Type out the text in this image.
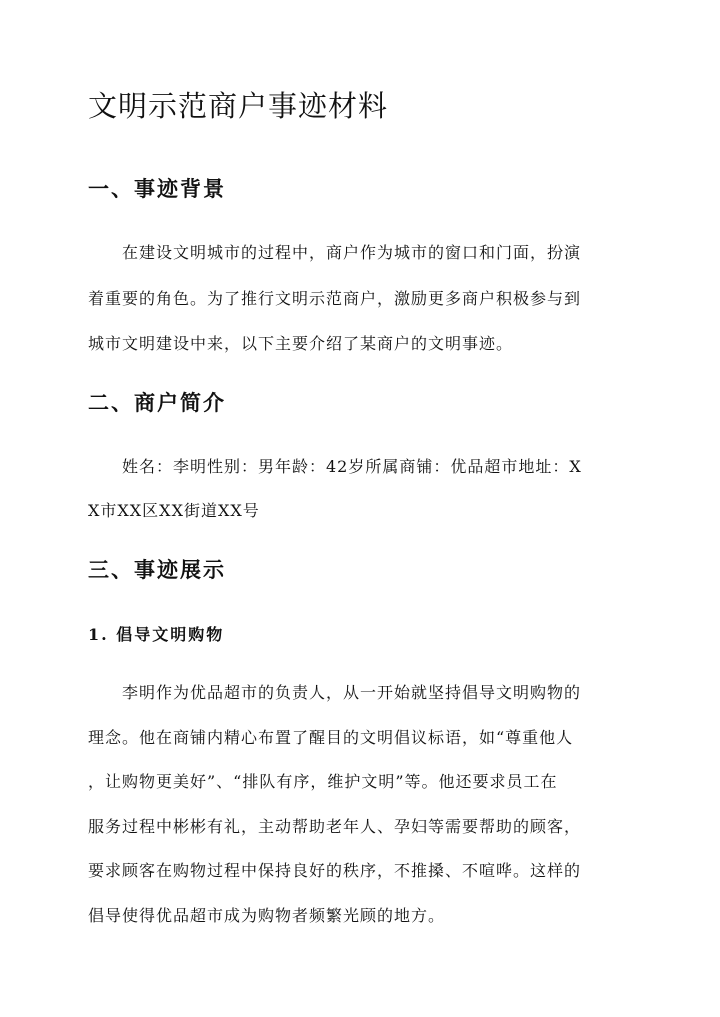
文明示范商户事迹材料
一、事迹背景

在建设文明城市的过程中，商户作为城市的窗口和门面，扮演

着重要的角色。为了推行文明示范商户，激励更多商户积极参与到

城市文明建设中来，以下主要介绍了某商户的文明事迹。

二、商户简介

姓名：李明性别：男年龄：42岁所属商铺：优品超市地址：X

X市XX区XX街道XX号

三、事迹展示
1. 倡导文明购物

李明作为优品超市的负责人，从一开始就坚持倡导文明购物的

理念。他在商铺内精心布置了醒目的文明倡议标语，如“尊重他人

，让购物更美好”、“排队有序，维护文明”等。他还要求员工在

服务过程中彬彬有礼，主动帮助老年人、孕妇等需要帮助的顾客，

要求顾客在购物过程中保持良好的秩序，不推搡、不喧哗。这样的

倡导使得优品超市成为购物者频繁光顾的地方。
